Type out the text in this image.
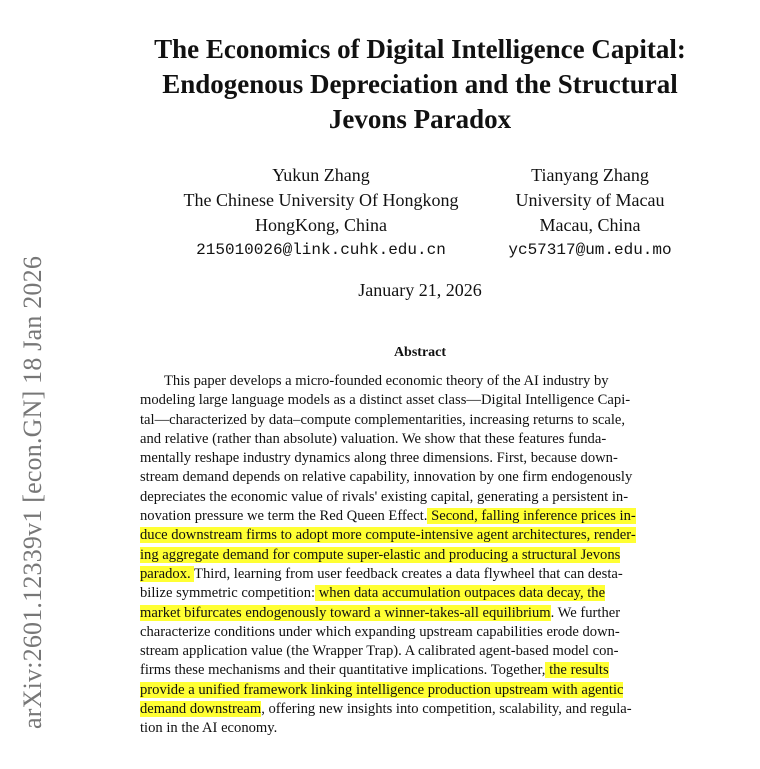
arXiv:2601.12339v1 [econ.GN] 18 Jan 2026
The Economics of Digital Intelligence Capital:
Endogenous Depreciation and the Structural
Jevons Paradox
Yukun Zhang
The Chinese University Of Hongkong
HongKong, China
215010026@link.cuhk.edu.cn
Tianyang Zhang
University of Macau
Macau, China
yc57317@um.edu.mo
January 21, 2026
Abstract
This paper develops a micro-founded economic theory of the AI industry by
modeling large language models as a distinct asset class—Digital Intelligence Capi-
tal—characterized by data–compute complementarities, increasing returns to scale,
and relative (rather than absolute) valuation. We show that these features funda-
mentally reshape industry dynamics along three dimensions. First, because down-
stream demand depends on relative capability, innovation by one firm endogenously
depreciates the economic value of rivals' existing capital, generating a persistent in-
novation pressure we term the Red Queen Effect. Second, falling inference prices in-
duce downstream firms to adopt more compute-intensive agent architectures, render-
ing aggregate demand for compute super-elastic and producing a structural Jevons
paradox. Third, learning from user feedback creates a data flywheel that can desta-
bilize symmetric competition: when data accumulation outpaces data decay, the
market bifurcates endogenously toward a winner-takes-all equilibrium. We further
characterize conditions under which expanding upstream capabilities erode down-
stream application value (the Wrapper Trap). A calibrated agent-based model con-
firms these mechanisms and their quantitative implications. Together, the results
provide a unified framework linking intelligence production upstream with agentic
demand downstream, offering new insights into competition, scalability, and regula-
tion in the AI economy.
